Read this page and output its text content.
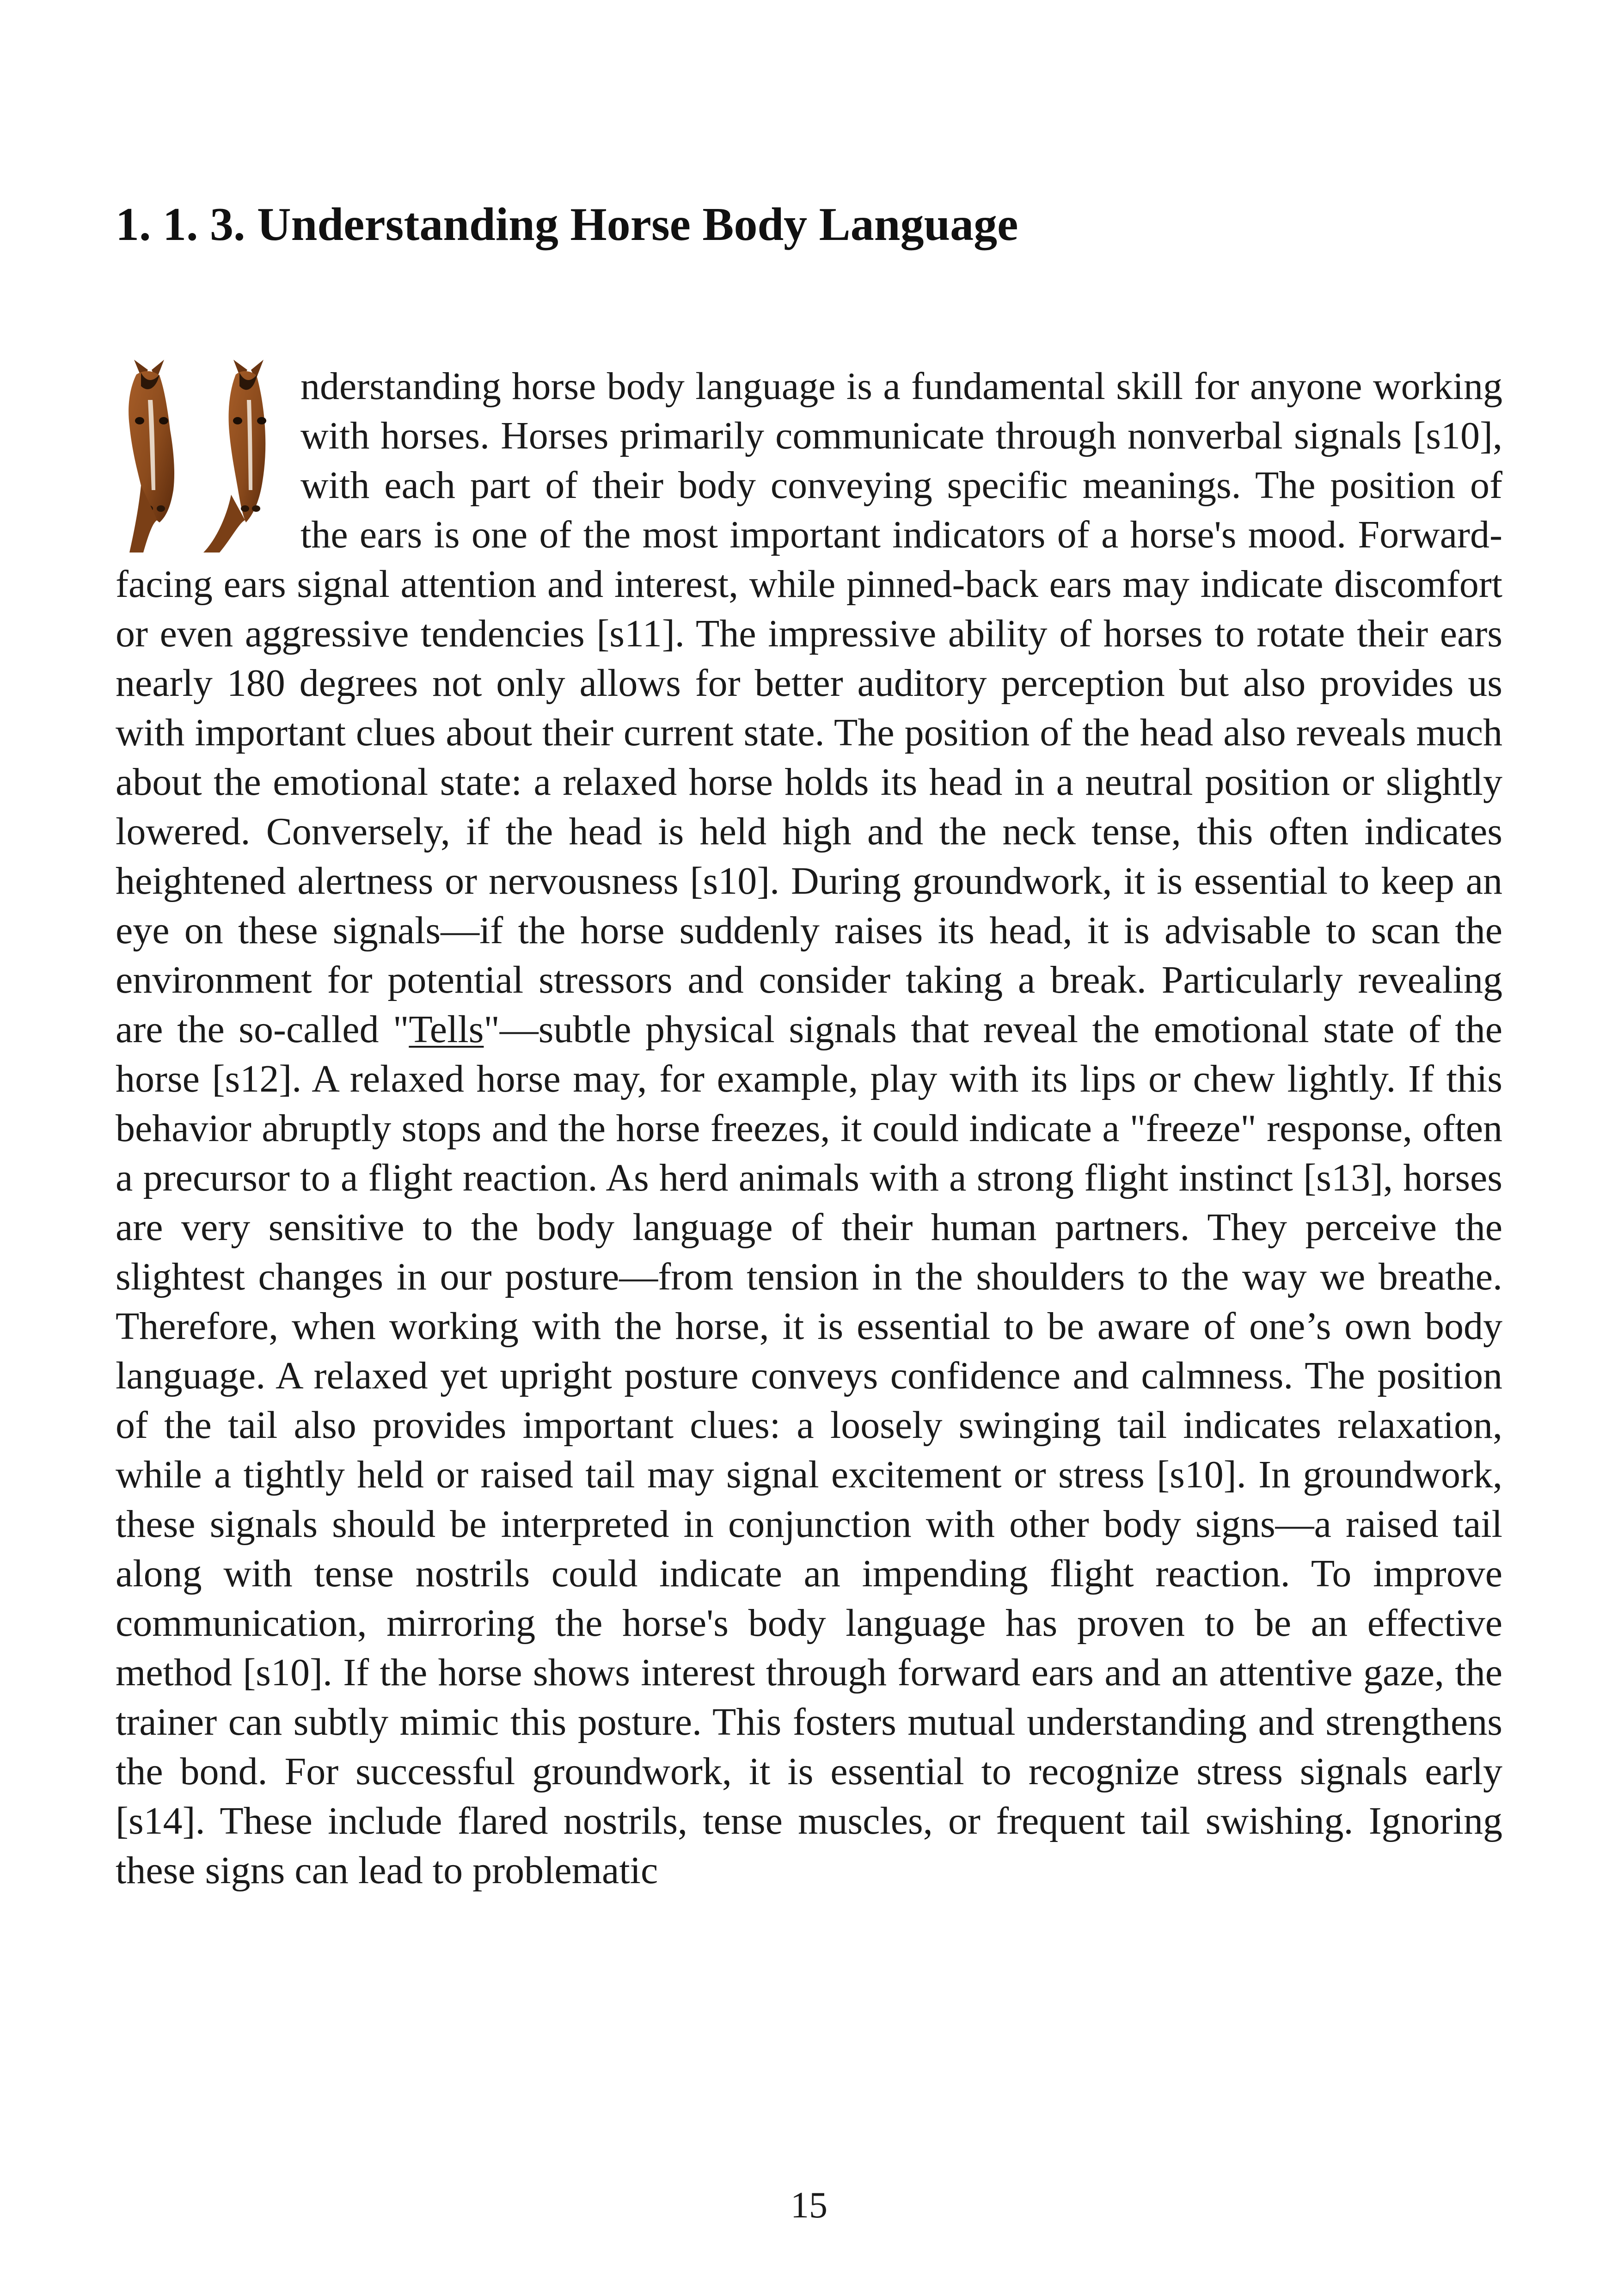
1. 1. 3. Understanding Horse Body Language

nderstanding horse body language is a fundamental skill for anyone working with horses. Horses primarily communicate through nonverbal signals [s10], with each part of their body conveying specific meanings. The position of the ears is one of the most important indicators of a horse's mood. Forward-facing ears signal attention and interest, while pinned-back ears may indicate discomfort or even aggressive tendencies [s11]. The impressive ability of horses to rotate their ears nearly 180 degrees not only allows for better auditory perception but also provides us with important clues about their current state. The position of the head also reveals much about the emotional state: a relaxed horse holds its head in a neutral position or slightly lowered. Conversely, if the head is held high and the neck tense, this often indicates heightened alertness or nervousness [s10]. During groundwork, it is essential to keep an eye on these signals—if the horse suddenly raises its head, it is advisable to scan the environment for potential stressors and consider taking a break. Particularly revealing are the so-called "Tells"—subtle physical signals that reveal the emotional state of the horse [s12]. A relaxed horse may, for example, play with its lips or chew lightly. If this behavior abruptly stops and the horse freezes, it could indicate a "freeze" response, often a precursor to a flight reaction. As herd animals with a strong flight instinct [s13], horses are very sensitive to the body language of their human partners. They perceive the slightest changes in our posture—from tension in the shoulders to the way we breathe. Therefore, when working with the horse, it is essential to be aware of one’s own body language. A relaxed yet upright posture conveys confidence and calmness. The position of the tail also provides important clues: a loosely swinging tail indicates relaxation, while a tightly held or raised tail may signal excitement or stress [s10]. In groundwork, these signals should be interpreted in conjunction with other body signs—a raised tail along with tense nostrils could indicate an impending flight reaction. To improve communication, mirroring the horse's body language has proven to be an effective method [s10]. If the horse shows interest through forward ears and an attentive gaze, the trainer can subtly mimic this posture. This fosters mutual understanding and strengthens the bond. For successful groundwork, it is essential to recognize stress signals early [s14]. These include flared nostrils, tense muscles, or frequent tail swishing. Ignoring these signs can lead to problematic

15
